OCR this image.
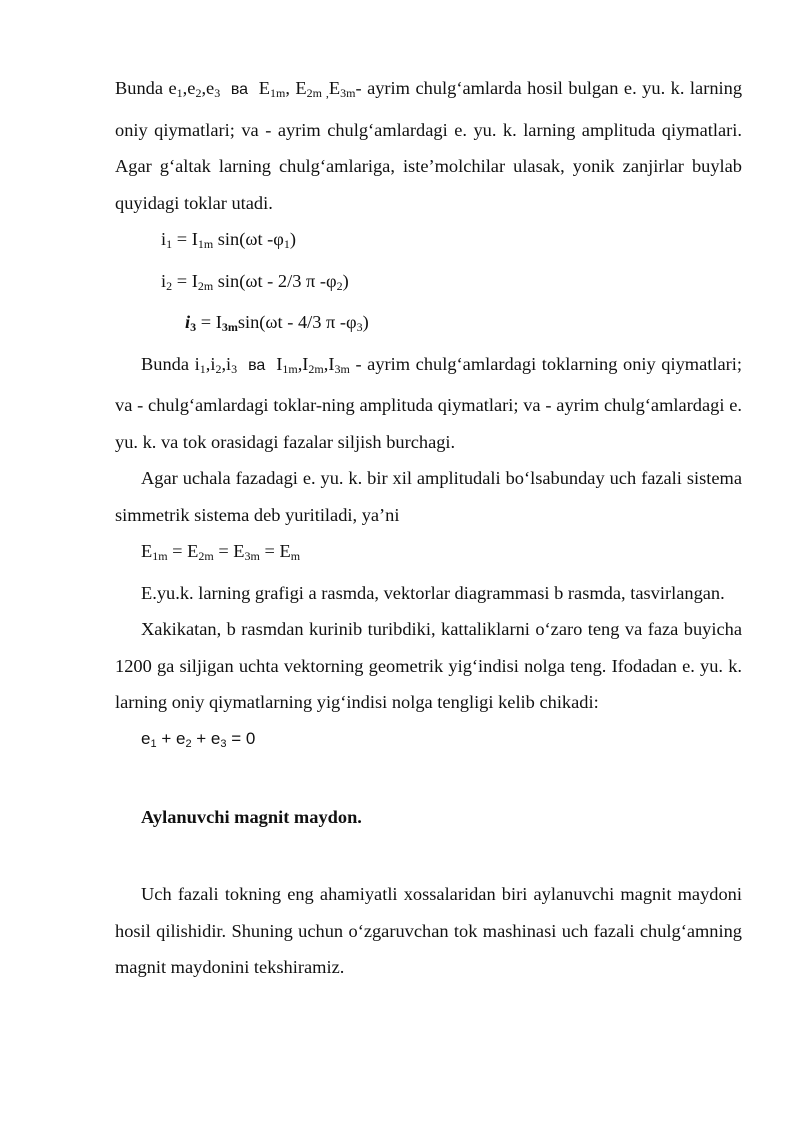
Bunda $e_1,e_2,e_3$  ва  $E_{1m}$, $E_{2m ,}E_{3m}-$ ayrim chulg‘amlarda hosil bulgan e. yu. k. larning oniy qiymatlari; va - ayrim chulg‘amlardagi e. yu. k. larning amplituda qiymatlari. Agar g‘altak larning chulg‘amlariga, iste’molchilar ulasak, yonik zanjirlar buylab quyidagi toklar utadi.

$i_1 = I_{1m}$ sin(ωt $-\varphi_1$)
$i_2 = I_{2m}$ sin(ωt - 2/3 π $-\varphi_2$)
$i_3 = I_{3m}\sin(\omega t - 4/3$ π $-\varphi_3$)

Bunda $i_1,i_2,i_3$  ва  $I_{1m},I_{2m},I_{3m}$ - ayrim chulg‘amlardagi toklarning oniy qiymatlari; va - chulg‘amlardagi toklar-ning amplituda qiymatlari; va - ayrim chulg‘amlardagi e. yu. k. va tok orasidagi fazalar siljish burchagi.

Agar uchala fazadagi e. yu. k. bir xil amplitudali bo‘lsabunday uch fazali sistema simmetrik sistema deb yuritiladi, ya’ni

$E_{1m} = E_{2m} = E_{3m} = E_m$

E.yu.k. larning grafigi a rasmda, vektorlar diagrammasi b rasmda, tasvirlangan.

Xakikatan, b rasmdan kurinib turibdiki, kattaliklarni o‘zaro teng va faza buyicha 1200 ga siljigan uchta vektorning geometrik yig‘indisi nolga teng. Ifodadan e. yu. k. larning oniy qiymatlarning yig‘indisi nolga tengligi kelib chikadi:

$e_1 + e_2 + e_3 = 0$
Aylanuvchi magnit maydon.

Uch fazali tokning eng ahamiyatli xossalaridan biri aylanuvchi magnit maydoni hosil qilishidir. Shuning uchun o‘zgaruvchan tok mashinasi uch fazali chulg‘amning magnit maydonini tekshiramiz.
